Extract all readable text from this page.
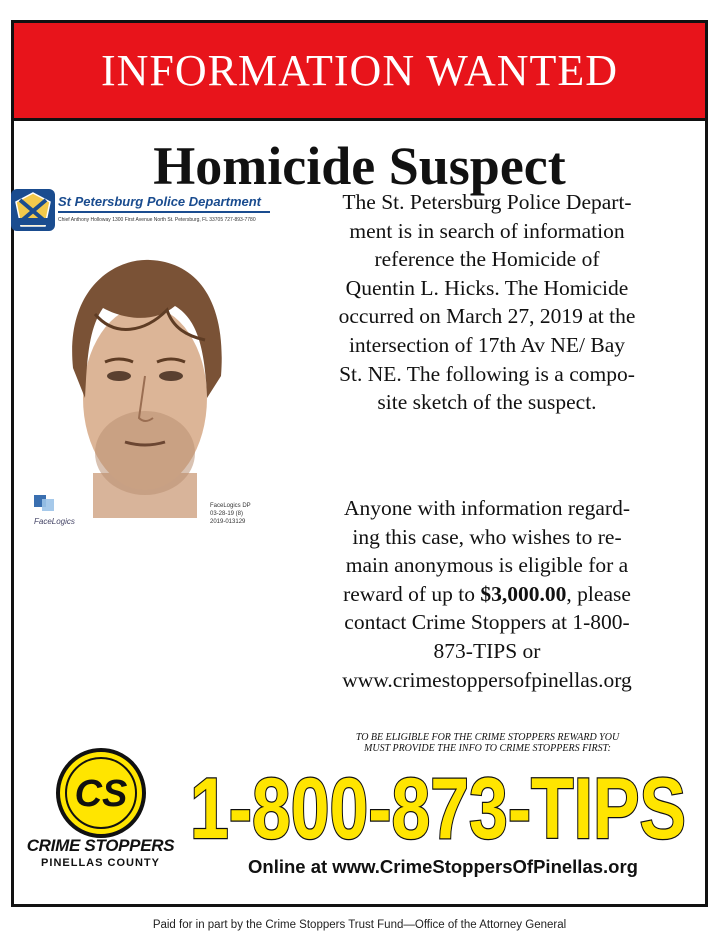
INFORMATION WANTED
Homicide Suspect
St Petersburg Police Department
Chief Anthony Holloway 1300 First Avenue North St. Petersburg, FL 33705 727-893-7780
FaceLogics
FaceLogics DP
03-28-19 (8)
2019-013129
The St. Petersburg Police Depart-
ment is in search of information
reference the Homicide of
Quentin L. Hicks. The Homicide
occurred on March 27, 2019 at the
intersection of 17th Av NE/ Bay
St. NE. The following is a compo-
site sketch of the suspect.
Anyone with information regard-
ing this case, who wishes to re-
main anonymous is eligible for a
reward of up to $3,000.00, please
contact Crime Stoppers at 1-800-
873-TIPS or
www.crimestoppersofpinellas.org
TO BE ELIGIBLE FOR THE CRIME STOPPERS REWARD YOU
MUST PROVIDE THE INFO TO CRIME STOPPERS FIRST:
CS
CRIME STOPPERS
PINELLAS COUNTY
1-800-873-TIPS
Online at www.CrimeStoppersOfPinellas.org
Paid for in part by the Crime Stoppers Trust Fund—Office of the Attorney General
